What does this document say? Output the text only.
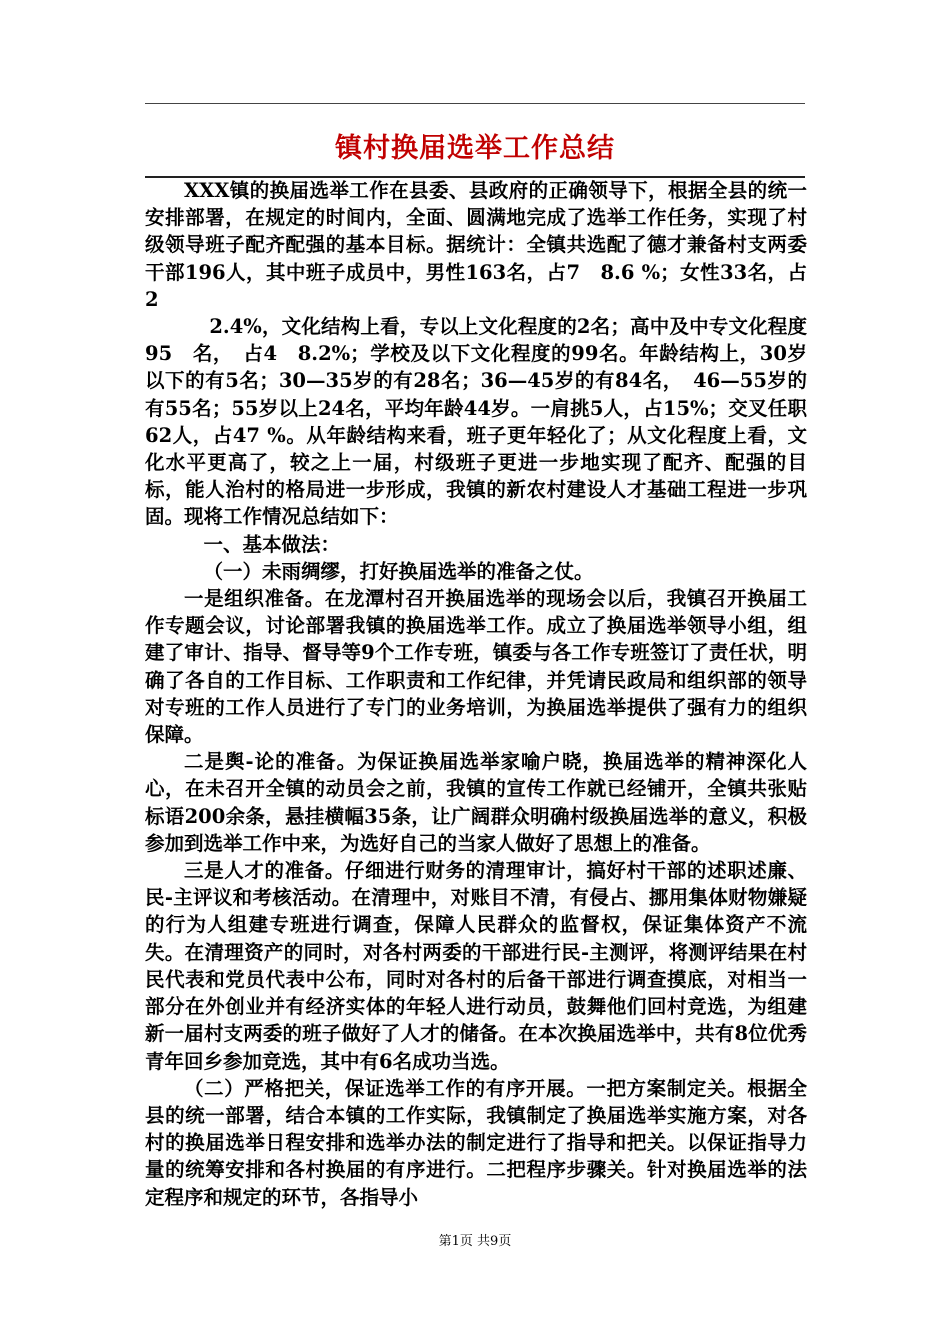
镇村换届选举工作总结

XXX镇的换届选举工作在县委、县政府的正确领导下，根据全县的统一安排部署，在规定的时间内，全面、圆满地完成了选举工作任务，实现了村级领导班子配齐配强的基本目标。据统计：全镇共选配了德才兼备村支两委干部196人，其中班子成员中，男性163名，占7　8.6 %；女性33名，占2

2.4%，文化结构上看，专以上文化程度的2名；高中及中专文化程度95　名，　占4　8.2%；学校及以下文化程度的99名。年龄结构上，30岁以下的有5名；30—35岁的有28名；36—45岁的有84名，　46—55岁的有55名；55岁以上24名，平均年龄44岁。一肩挑5人，占15%；交叉任职62人，占47 %。从年龄结构来看，班子更年轻化了；从文化程度上看，文化水平更高了，较之上一届，村级班子更进一步地实现了配齐、配强的目标，能人治村的格局进一步形成，我镇的新农村建设人才基础工程进一步巩固。现将工作情况总结如下：

一、基本做法：

（一）未雨绸缪，打好换届选举的准备之仗。

一是组织准备。在龙潭村召开换届选举的现场会以后，我镇召开换届工作专题会议，讨论部署我镇的换届选举工作。成立了换届选举领导小组，组建了审计、指导、督导等9个工作专班，镇委与各工作专班签订了责任状，明确了各自的工作目标、工作职责和工作纪律，并凭请民政局和组织部的领导对专班的工作人员进行了专门的业务培训，为换届选举提供了强有力的组织保障。

二是舆-论的准备。为保证换届选举家喻户晓，换届选举的精神深化人心，在未召开全镇的动员会之前，我镇的宣传工作就已经铺开，全镇共张贴标语200余条，悬挂横幅35条，让广阔群众明确村级换届选举的意义，积极参加到选举工作中来，为选好自己的当家人做好了思想上的准备。

三是人才的准备。仔细进行财务的清理审计，搞好村干部的述职述廉、民-主评议和考核活动。在清理中，对账目不清，有侵占、挪用集体财物嫌疑的行为人组建专班进行调查，保障人民群众的监督权，保证集体资产不流失。在清理资产的同时，对各村两委的干部进行民-主测评，将测评结果在村民代表和党员代表中公布，同时对各村的后备干部进行调查摸底，对相当一部分在外创业并有经济实体的年轻人进行动员，鼓舞他们回村竞选，为组建新一届村支两委的班子做好了人才的储备。在本次换届选举中，共有8位优秀青年回乡参加竞选，其中有6名成功当选。

（二）严格把关，保证选举工作的有序开展。一把方案制定关。根据全县的统一部署，结合本镇的工作实际，我镇制定了换届选举实施方案，对各村的换届选举日程安排和选举办法的制定进行了指导和把关。以保证指导力量的统筹安排和各村换届的有序进行。二把程序步骤关。针对换届选举的法定程序和规定的环节，各指导小

第1页 共9页
